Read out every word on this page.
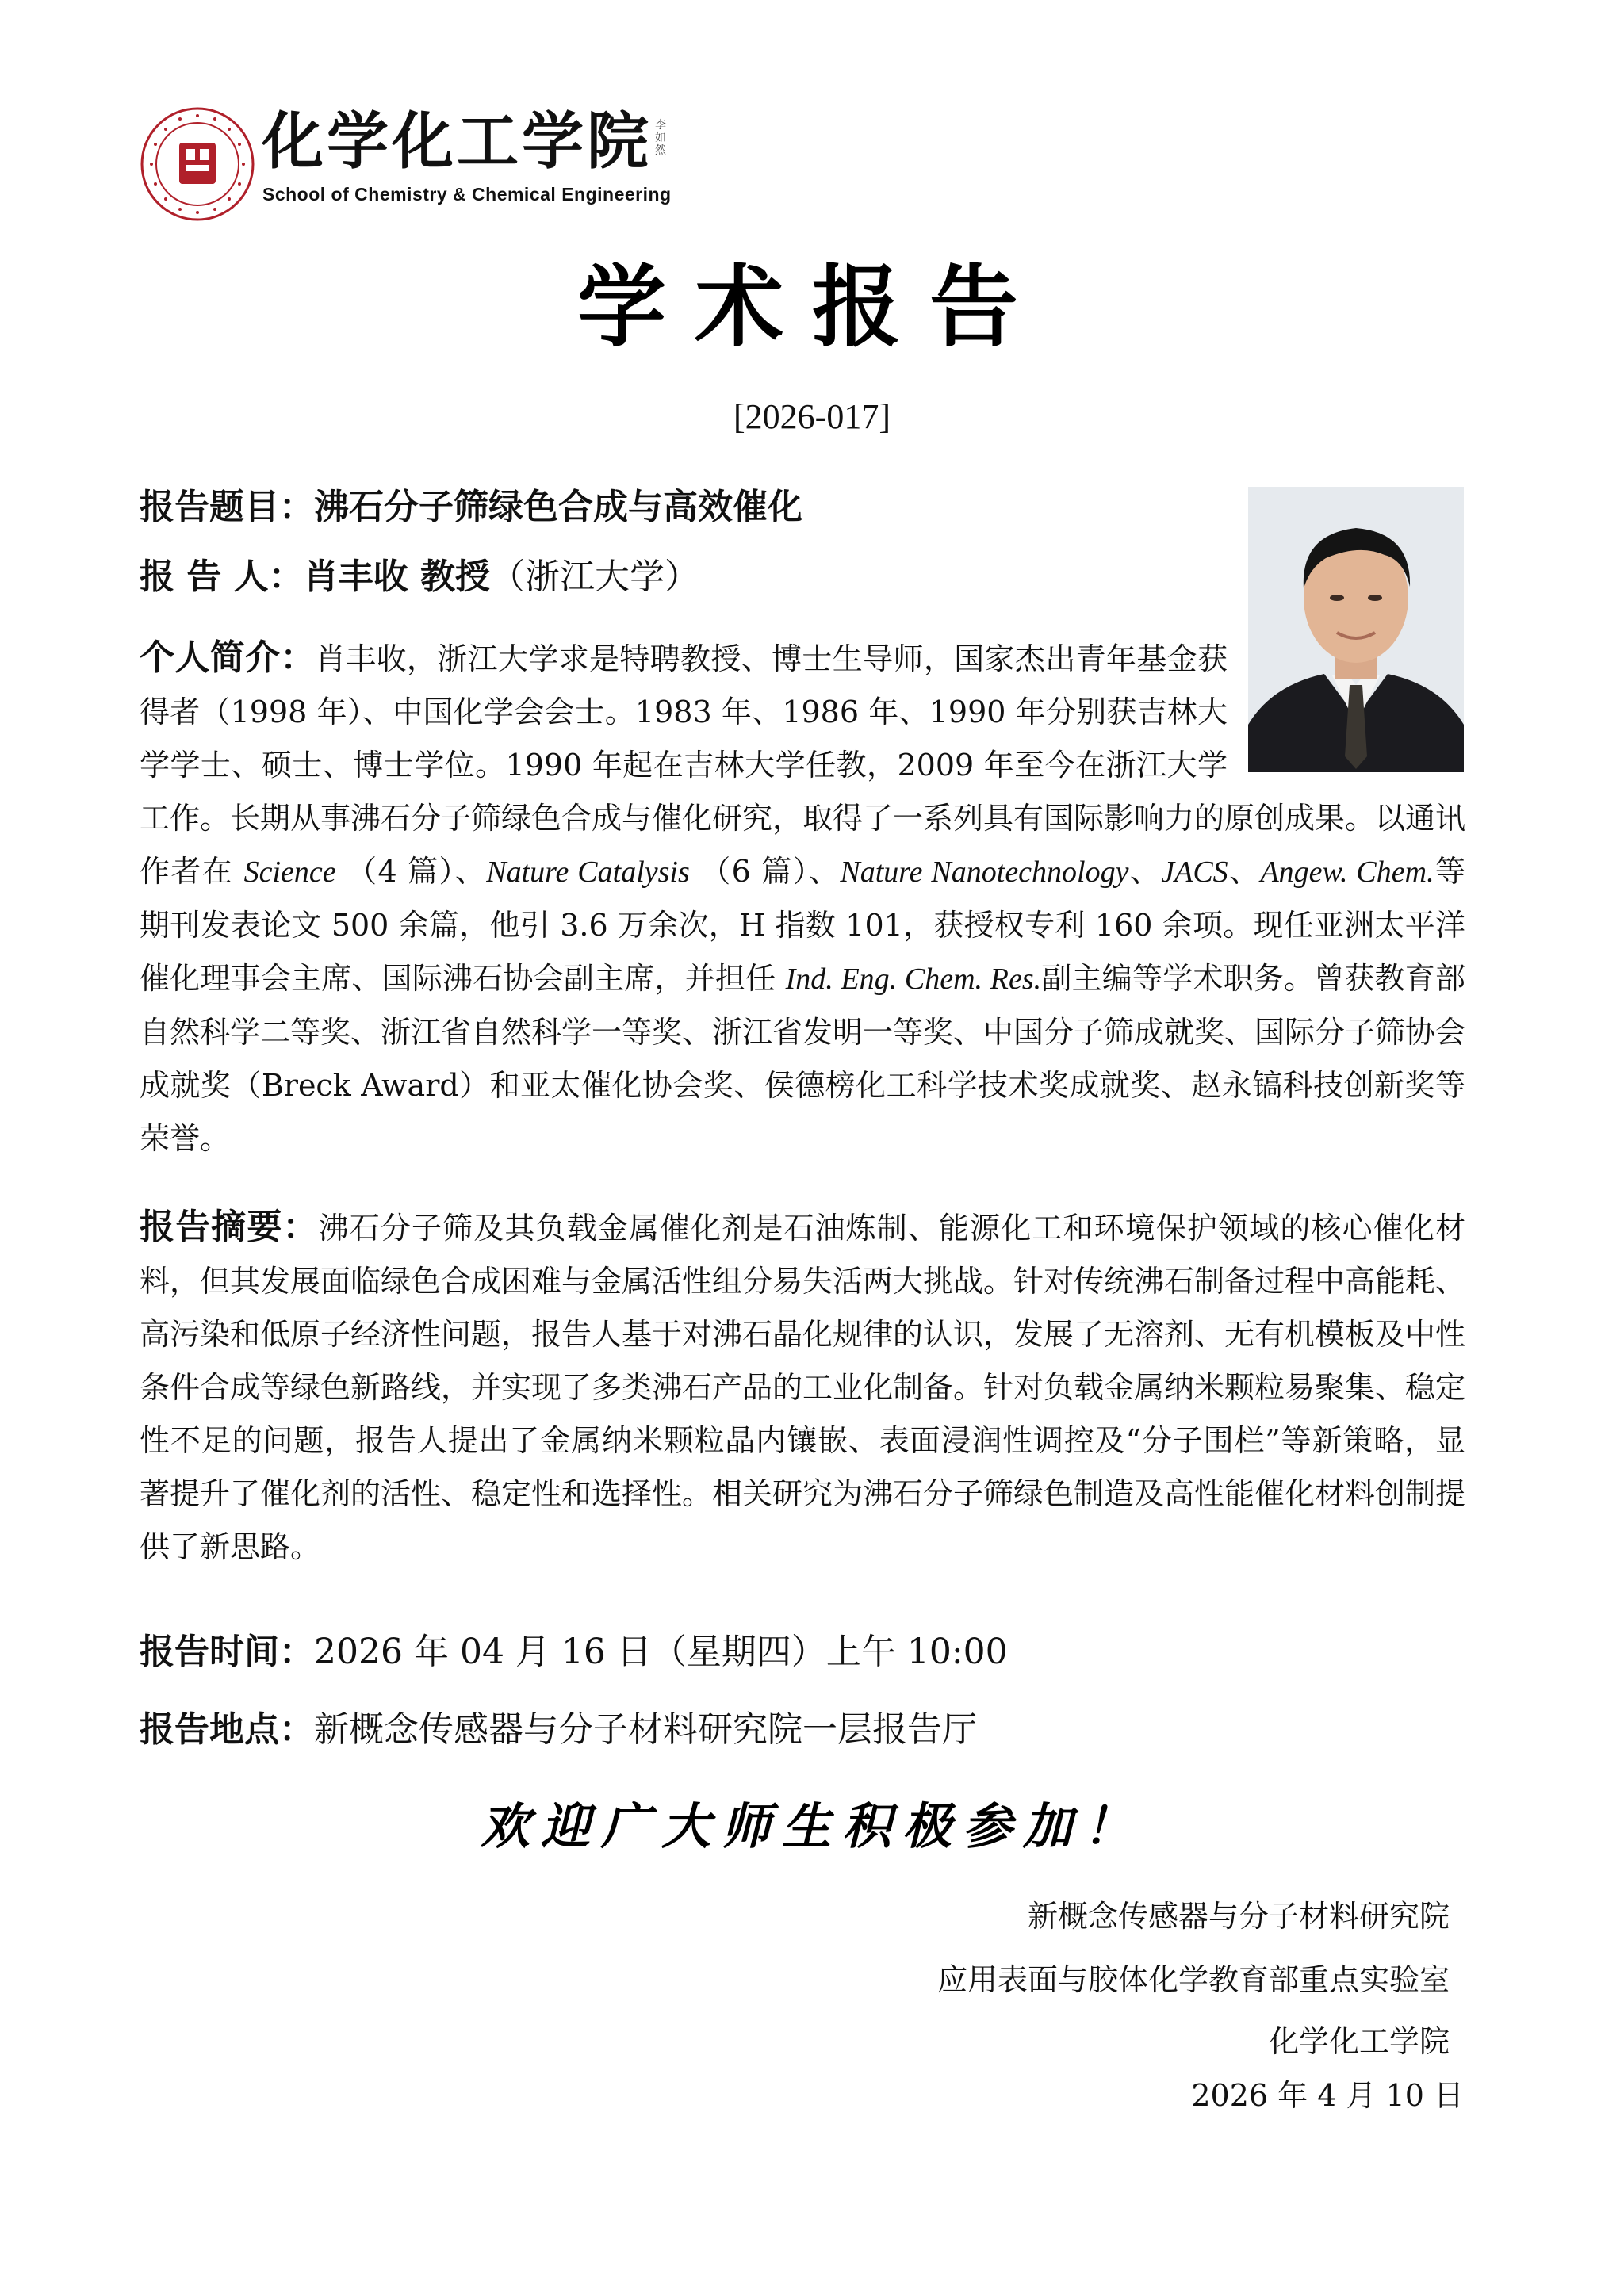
化学化工学院
School of Chemistry & Chemical Engineering
李如然
学术报告
[2026-017]
报告题目：沸石分子筛绿色合成与高效催化
报 告 人：肖丰收 教授（浙江大学）
个人简介：肖丰收，浙江大学求是特聘教授、博士生导师，国家杰出青年基金获得者（1998 年）、中国化学会会士。1983 年、1986 年、1990 年分别获吉林大学学士、硕士、博士学位。1990 年起在吉林大学任教，2009 年至今在浙江大学工作。长期从事沸石分子筛绿色合成与催化研究，取得了一系列具有国际影响力的原创成果。以通讯作者在 Science （4 篇）、Nature Catalysis （6 篇）、Nature Nanotechnology、JACS、Angew. Chem.等期刊发表论文 500 余篇，他引 3.6 万余次，H 指数 101，获授权专利 160 余项。现任亚洲太平洋催化理事会主席、国际沸石协会副主席，并担任 Ind. Eng. Chem. Res.副主编等学术职务。曾获教育部自然科学二等奖、浙江省自然科学一等奖、浙江省发明一等奖、中国分子筛成就奖、国际分子筛协会成就奖（Breck Award）和亚太催化协会奖、侯德榜化工科学技术奖成就奖、赵永镐科技创新奖等荣誉。
报告摘要：沸石分子筛及其负载金属催化剂是石油炼制、能源化工和环境保护领域的核心催化材料，但其发展面临绿色合成困难与金属活性组分易失活两大挑战。针对传统沸石制备过程中高能耗、高污染和低原子经济性问题，报告人基于对沸石晶化规律的认识，发展了无溶剂、无有机模板及中性条件合成等绿色新路线，并实现了多类沸石产品的工业化制备。针对负载金属纳米颗粒易聚集、稳定性不足的问题，报告人提出了金属纳米颗粒晶内镶嵌、表面浸润性调控及“分子围栏”等新策略，显著提升了催化剂的活性、稳定性和选择性。相关研究为沸石分子筛绿色制造及高性能催化材料创制提供了新思路。
报告时间：2026 年 04 月 16 日（星期四）上午 10:00
报告地点：新概念传感器与分子材料研究院一层报告厅
欢迎广大师生积极参加！
新概念传感器与分子材料研究院
应用表面与胶体化学教育部重点实验室
化学化工学院
2026 年 4 月 10 日
